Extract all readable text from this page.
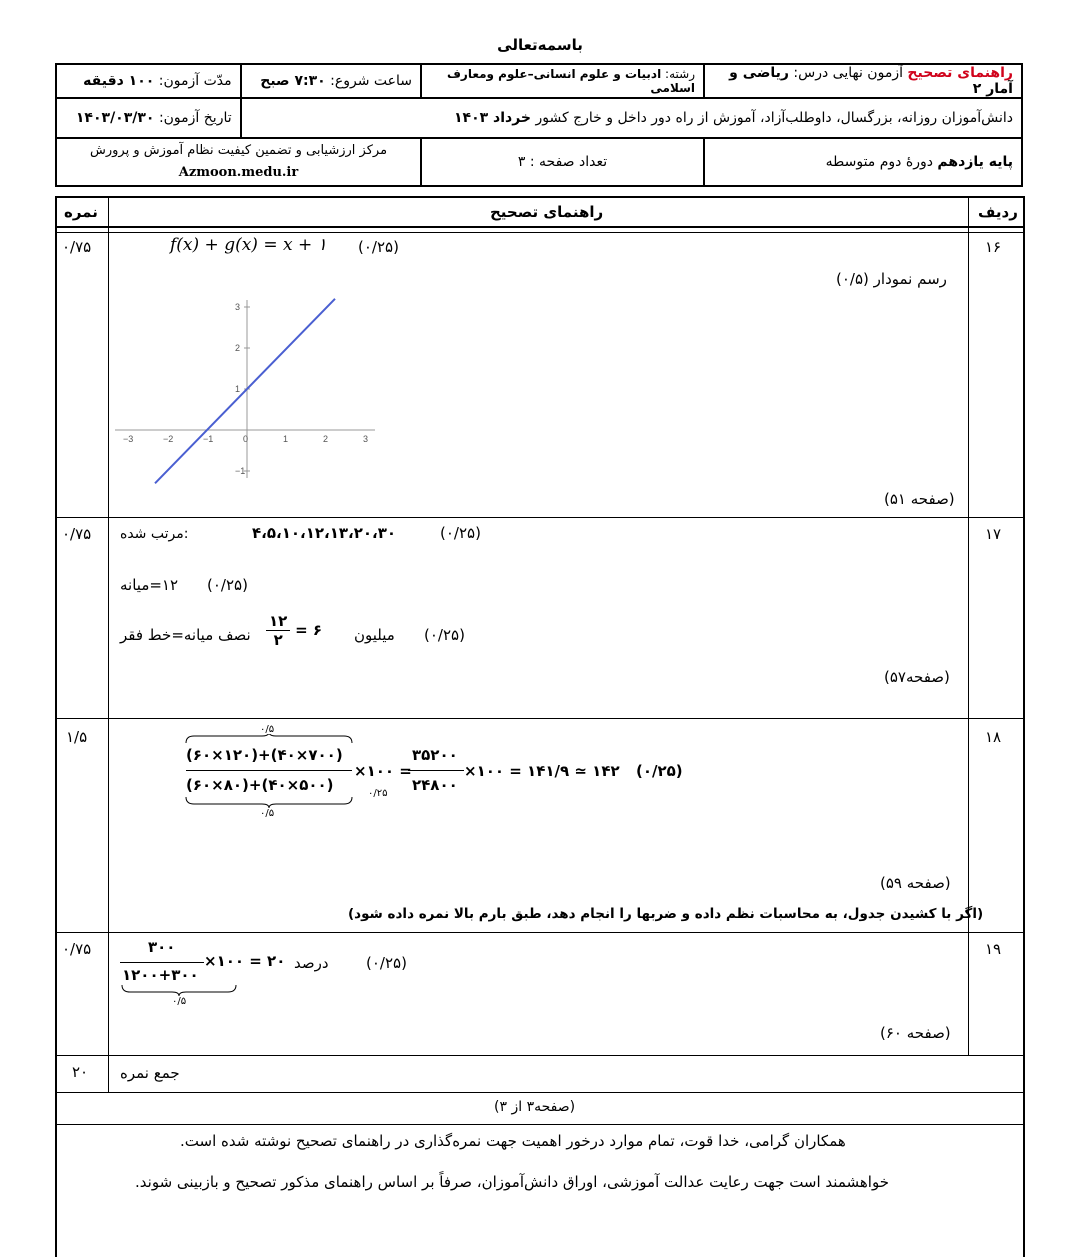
باسمه‌تعالی
راهنمای تصحیح آزمون نهایی درس: ریاضی و آمار ۲	رشته: ادبیات و علوم انسانی–علوم ومعارف اسلامی	ساعت شروع: ۷:۳۰ صبح	مدّت آزمون: ۱۰۰ دقیقه
دانش‌آموزان روزانه، بزرگسال، داوطلب‌آزاد، آموزش از راه دور داخل و خارج کشور خرداد ۱۴۰۳			تاریخ آزمون: ۱۴۰۳/۰۳/۳۰
پایه یازدهم دورهٔ دوم متوسطه	تعداد صفحه : ۳	مرکز ارزشیابی و تضمین کیفیت نظام آموزش و پرورش
Azmoon.medu.ir	
نمره	راهنمای تصحیح	ردیف
۰/۷۵	۱۶
f(x) + g(x) = x + ۱ (۰/۲۵)
رسم نمودار (۰/۵)
−3	−2	−1	0	1	2	3
3
2
1
−1
(صفحه ۵۱)
۰/۷۵	۱۷
:مرتب شده	۴،۵،۱۰،۱۲،۱۳،۲۰،۳۰	(۰/۲۵)
۱۲=میانه (۰/۲۵)
نصف میانه=خط فقر $\frac{۱۲}{۲}$ = ۶ میلیون (۰/۲۵)
(صفحه۵۷)
۱/۵	۱۸
۰/۵
(۶۰×۱۲۰)+(۴۰×۷۰۰)
(۶۰×۸۰)+(۴۰×۵۰۰)
۰/۵
×۱۰۰ =
۰/۲۵
۳۵۲۰۰
۲۴۸۰۰
×۱۰۰ = ۱۴۱/۹ ≃ ۱۴۲ (۰/۲۵)
(صفحه ۵۹)
(اگر با کشیدن جدول، به محاسبات نظم داده و ضربها را انجام دهد، طبق بارم بالا نمره داده شود)
۰/۷۵	۱۹
۳۰۰
۱۲۰۰+۳۰۰
۰/۵
×۱۰۰ = ۲۰ درصد (۰/۲۵)
(صفحه ۶۰)
۲۰ جمع نمره
(صفحه۳ از ۳)
همکاران گرامی، خدا قوت، تمام موارد درخور اهمیت جهت نمره‌گذاری در راهنمای تصحیح نوشته شده است.
خواهشمند است جهت رعایت عدالت آموزشی، اوراق دانش‌آموزان، صرفاً بر اساس راهنمای مذکور تصحیح و بازبینی شوند.
